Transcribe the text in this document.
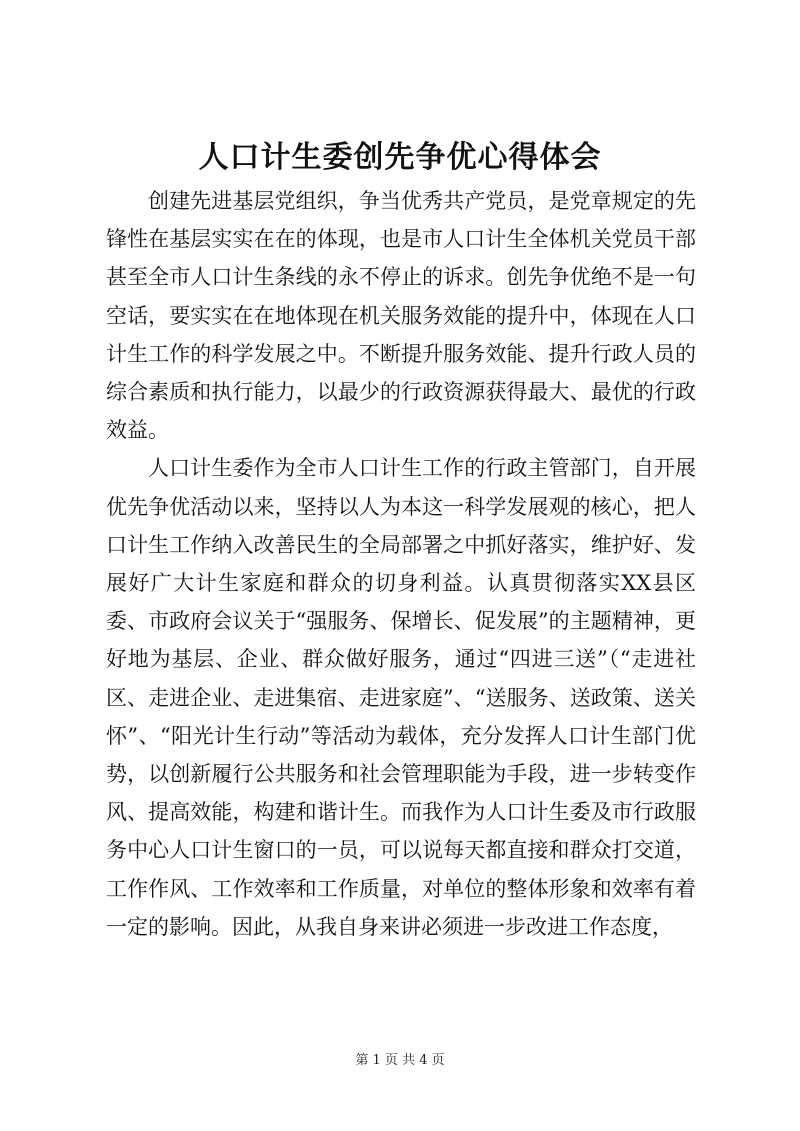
人口计生委创先争优心得体会

创建先进基层党组织，争当优秀共产党员，是党章规定的先锋性在基层实实在在的体现，也是市人口计生全体机关党员干部甚至全市人口计生条线的永不停止的诉求。创先争优绝不是一句空话，要实实在在地体现在机关服务效能的提升中，体现在人口计生工作的科学发展之中。不断提升服务效能、提升行政人员的综合素质和执行能力，以最少的行政资源获得最大、最优的行政效益。

人口计生委作为全市人口计生工作的行政主管部门，自开展优先争优活动以来，坚持以人为本这一科学发展观的核心，把人口计生工作纳入改善民生的全局部署之中抓好落实，维护好、发展好广大计生家庭和群众的切身利益。认真贯彻落实XX县区委、市政府会议关于“强服务、保增长、促发展”的主题精神，更好地为基层、企业、群众做好服务，通过“四进三送”（“走进社区、走进企业、走进集宿、走进家庭”、“送服务、送政策、送关怀”、“阳光计生行动”等活动为载体，充分发挥人口计生部门优势，以创新履行公共服务和社会管理职能为手段，进一步转变作风、提高效能，构建和谐计生。而我作为人口计生委及市行政服务中心人口计生窗口的一员，可以说每天都直接和群众打交道，工作作风、工作效率和工作质量，对单位的整体形象和效率有着一定的影响。因此，从我自身来讲必须进一步改进工作态度，

第 1 页 共 4 页
